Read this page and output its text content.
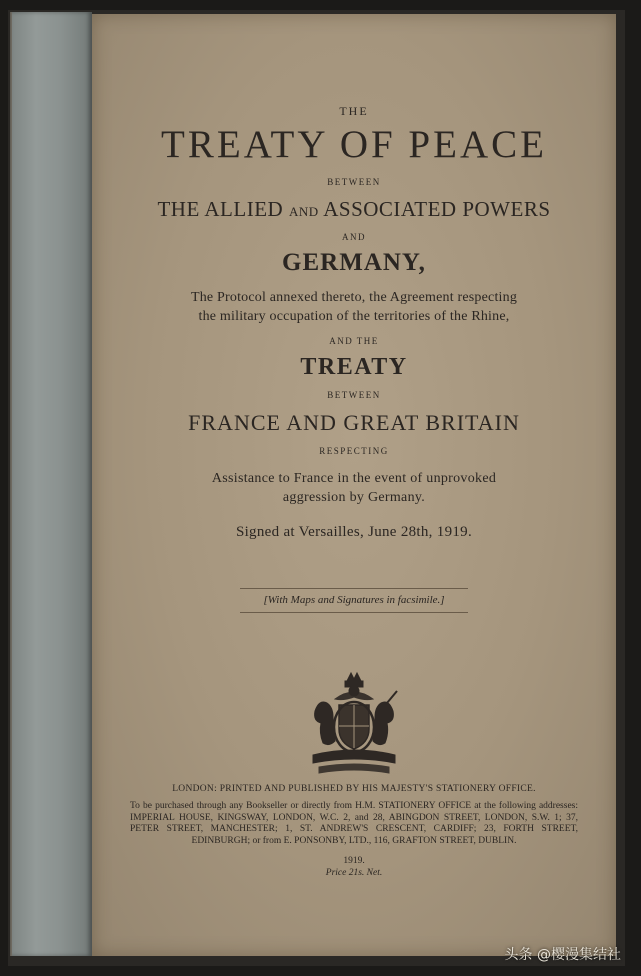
THE

TREATY OF PEACE

BETWEEN

THE ALLIED AND ASSOCIATED POWERS

AND

GERMANY,

The Protocol annexed thereto, the Agreement respecting
the military occupation of the territories of the Rhine,

AND THE

TREATY

BETWEEN

FRANCE AND GREAT BRITAIN

RESPECTING

Assistance to France in the event of unprovoked
aggression by Germany.

Signed at Versailles, June 28th, 1919.

[With Maps and Signatures in facsimile.]

LONDON: PRINTED AND PUBLISHED BY HIS MAJESTY'S STATIONERY OFFICE.

To be purchased through any Bookseller or directly from H.M. STATIONERY OFFICE at the following addresses: IMPERIAL HOUSE, KINGSWAY, LONDON, W.C. 2, and 28, ABINGDON STREET, LONDON, S.W. 1; 37, PETER STREET, MANCHESTER; 1, ST. ANDREW'S CRESCENT, CARDIFF; 23, FORTH STREET, EDINBURGH; or from E. PONSONBY, LTD., 116, GRAFTON STREET, DUBLIN.

1919.

Price 21s. Net.

头条 @樱漫集结社
